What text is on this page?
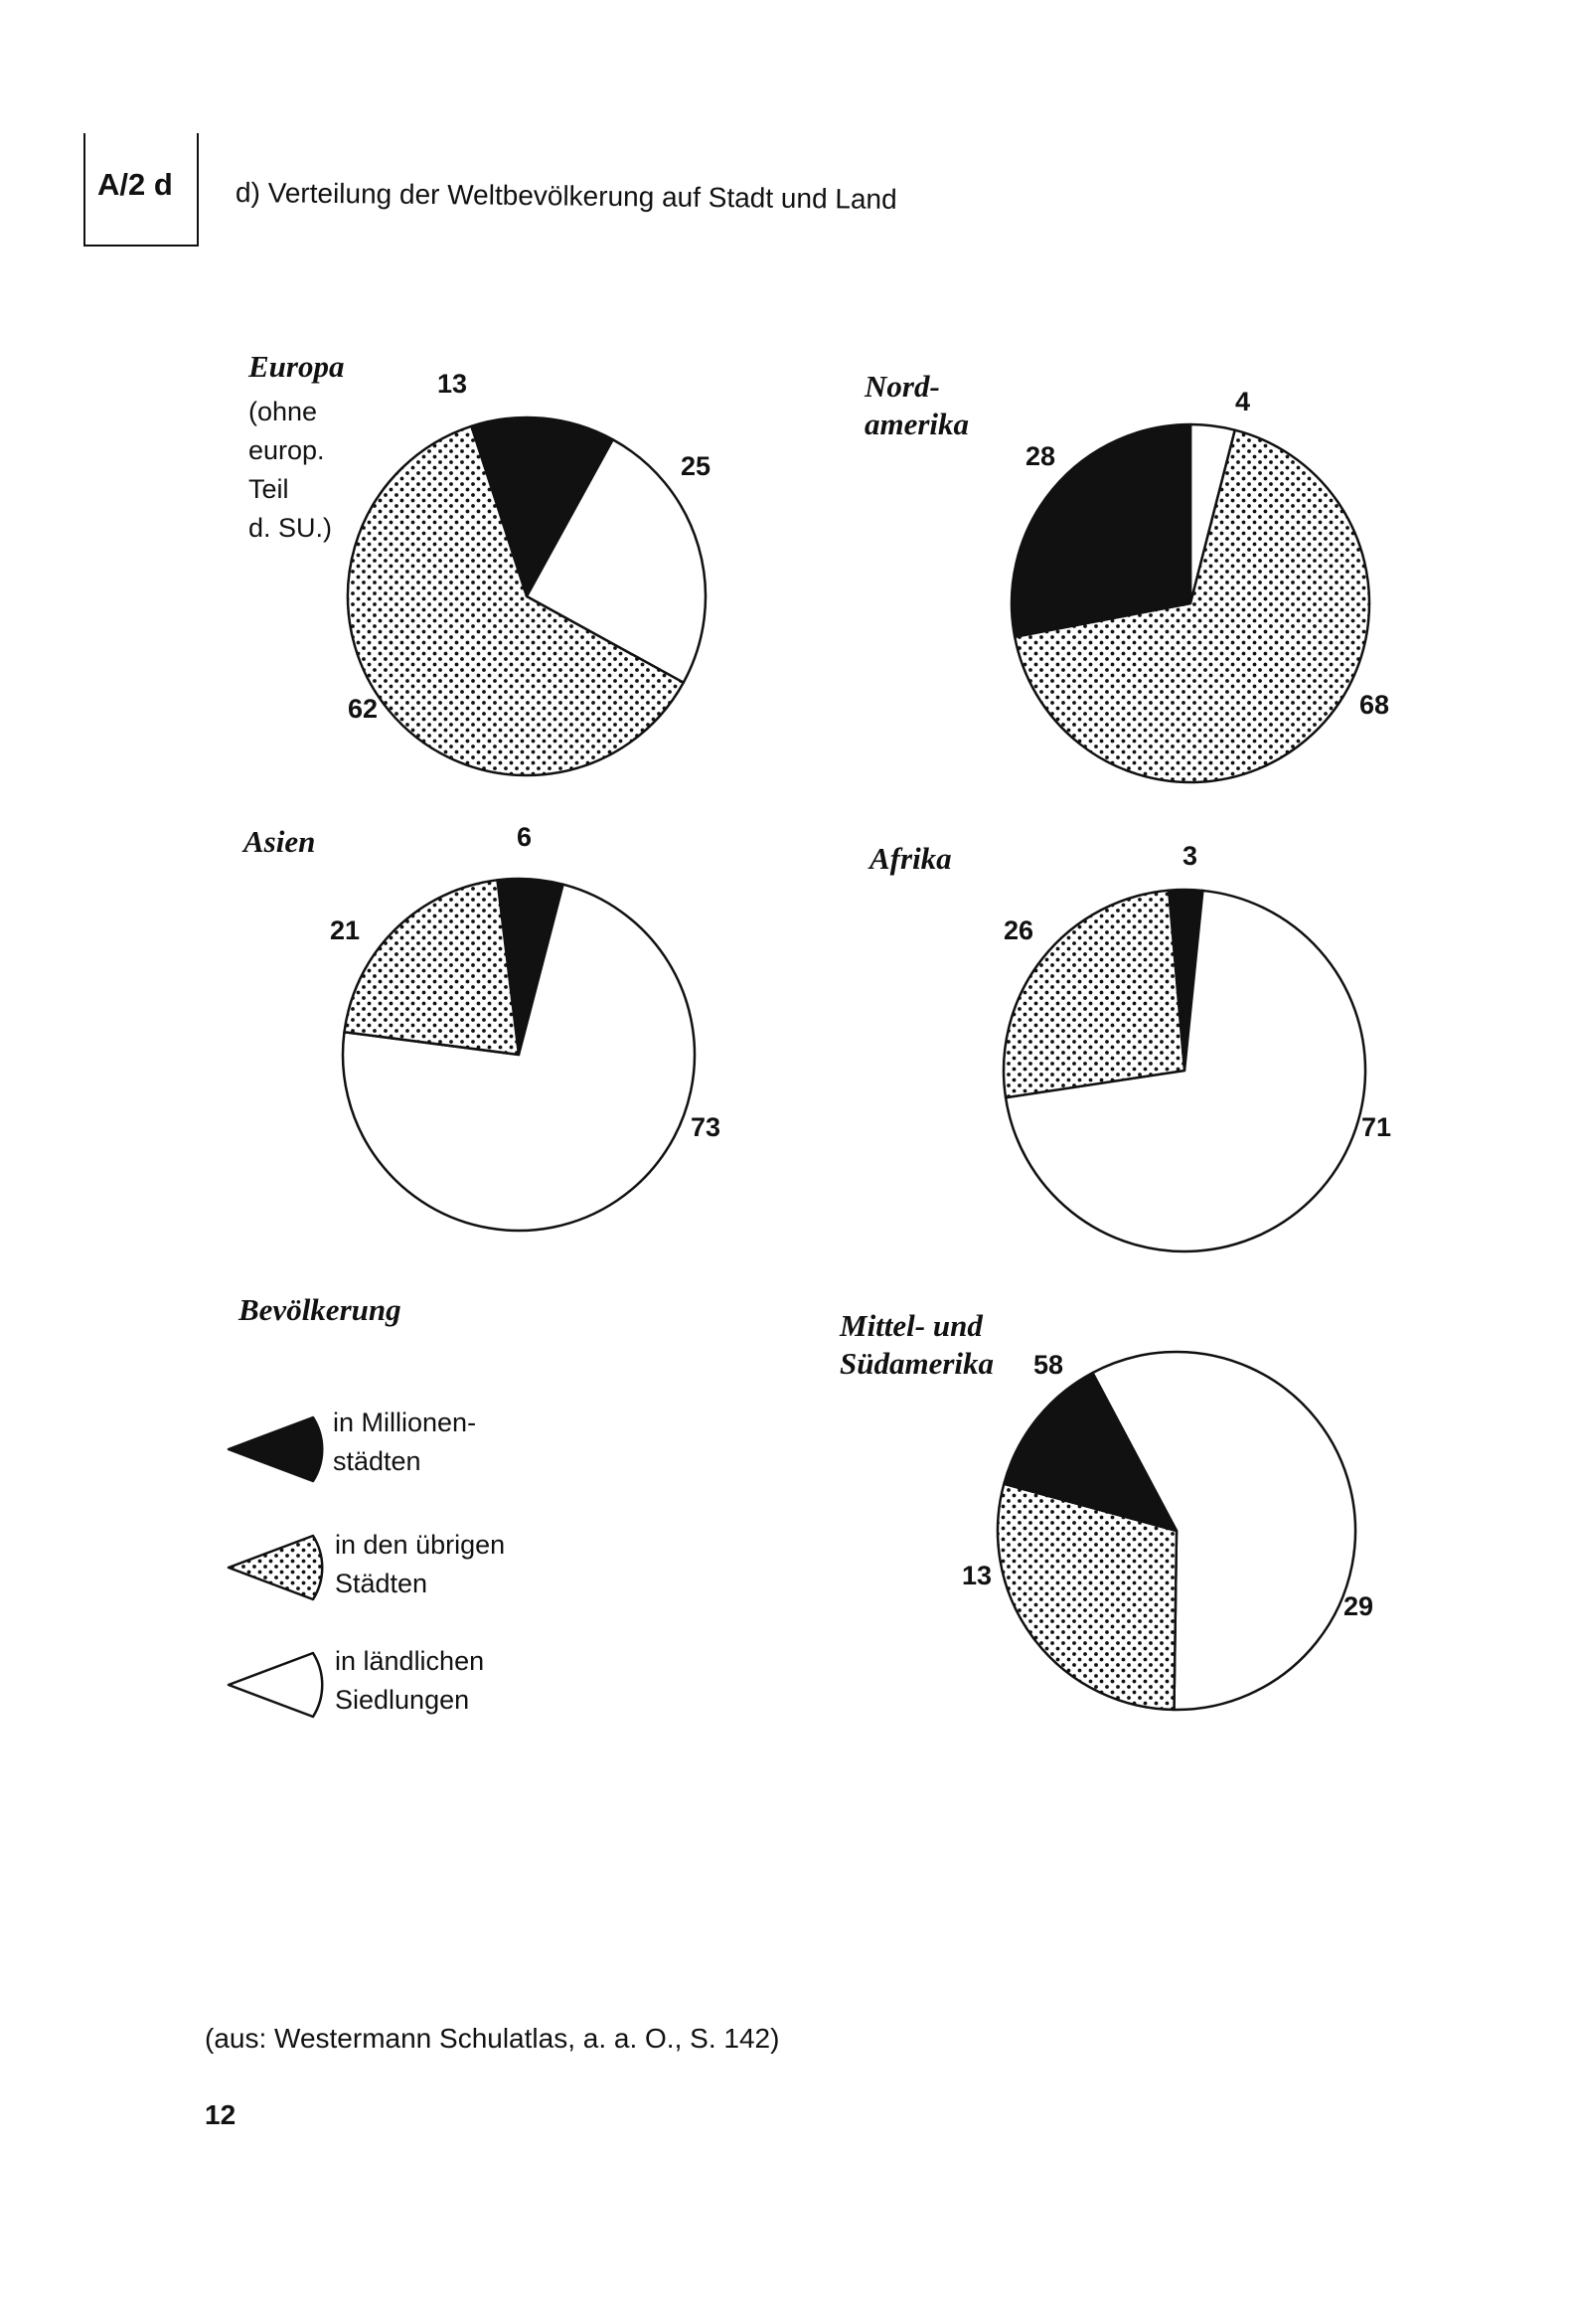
A/2 d d) Verteilung der Weltbevölkerung auf Stadt und Land
Europa
(ohne
europ.
Teil
d. SU.)
Nord-
amerika
Asien	Afrika
Mittel- und
Südamerika
Bevölkerung
in Millionen-
städten
in den übrigen
Städten
in ländlichen
Siedlungen
13
25
62
4
68
28
6
73
21
3
71
26
58
29
13
(aus: Westermann Schulatlas, a. a. O., S. 142)
12
